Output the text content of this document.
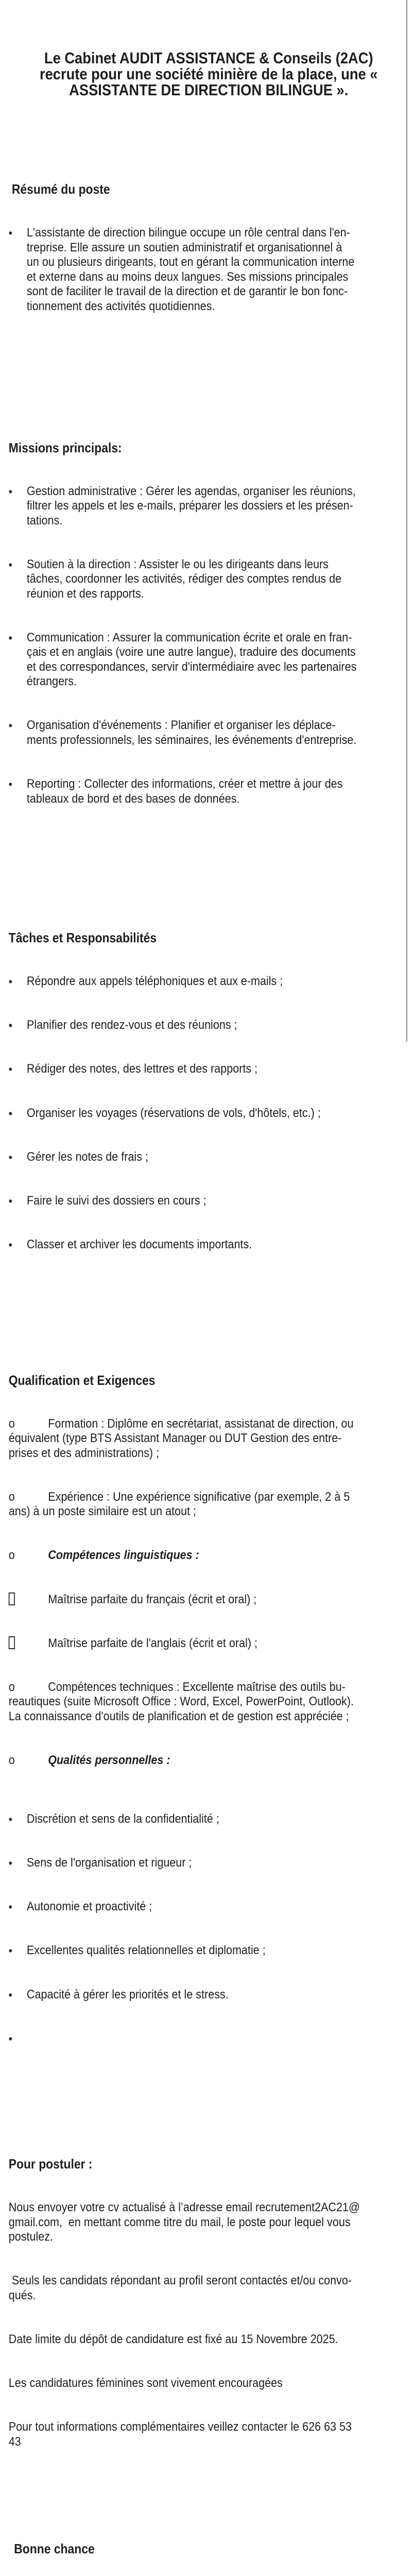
Le Cabinet AUDIT ASSISTANCE & Conseils (2AC)
recrute pour une société minière de la place, une «
ASSISTANTE DE DIRECTION BILINGUE ».

Résumé du poste

•	L'assistante de direction bilingue occupe un rôle central dans l'en-
treprise. Elle assure un soutien administratif et organisationnel à
un ou plusieurs dirigeants, tout en gérant la communication interne
et externe dans au moins deux langues. Ses missions principales
sont de faciliter le travail de la direction et de garantir le bon fonc-
tionnement des activités quotidiennes.

Missions principals:

•	Gestion administrative : Gérer les agendas, organiser les réunions,
filtrer les appels et les e-mails, préparer les dossiers et les présen-
tations.

•	Soutien à la direction : Assister le ou les dirigeants dans leurs
tâches, coordonner les activités, rédiger des comptes rendus de
réunion et des rapports.

•	Communication : Assurer la communication écrite et orale en fran-
çais et en anglais (voire une autre langue), traduire des documents
et des correspondances, servir d'intermédiaire avec les partenaires
étrangers.

•	Organisation d'événements : Planifier et organiser les déplace-
ments professionnels, les séminaires, les événements d'entreprise.

•	Reporting : Collecter des informations, créer et mettre à jour des
tableaux de bord et des bases de données.

Tâches et Responsabilités

•	Répondre aux appels téléphoniques et aux e-mails ;

•	Planifier des rendez-vous et des réunions ;

•	Rédiger des notes, des lettres et des rapports ;

•	Organiser les voyages (réservations de vols, d'hôtels, etc.) ;

•	Gérer les notes de frais ;

•	Faire le suivi des dossiers en cours ;

•	Classer et archiver les documents importants.

Qualification et Exigences

o	Formation : Diplôme en secrétariat, assistanat de direction, ou
équivalent (type BTS Assistant Manager ou DUT Gestion des entre-
prises et des administrations) ;

o	Expérience : Une expérience significative (par exemple, 2 à 5
ans) à un poste similaire est un atout ;

o	Compétences linguistiques :

Maîtrise parfaite du français (écrit et oral) ;

Maîtrise parfaite de l'anglais (écrit et oral) ;

o	Compétences techniques : Excellente maîtrise des outils bu-
reautiques (suite Microsoft Office : Word, Excel, PowerPoint, Outlook).
La connaissance d'outils de planification et de gestion est appréciée ;

o	Qualités personnelles :

•	Discrétion et sens de la confidentialité ;

•	Sens de l'organisation et rigueur ;

•	Autonomie et proactivité ;

•	Excellentes qualités relationnelles et diplomatie ;

•	Capacité à gérer les priorités et le stress.

•

Pour postuler :

Nous envoyer votre cv actualisé à l’adresse email recrutement2AC21@
gmail.com,  en mettant comme titre du mail, le poste pour lequel vous
postulez.

Seuls les candidats répondant au profil seront contactés et/ou convo-
qués.

Date limite du dépôt de candidature est fixé au 15 Novembre 2025.

Les candidatures féminines sont vivement encouragées

Pour tout informations complémentaires veillez contacter le 626 63 53
43

Bonne chance
